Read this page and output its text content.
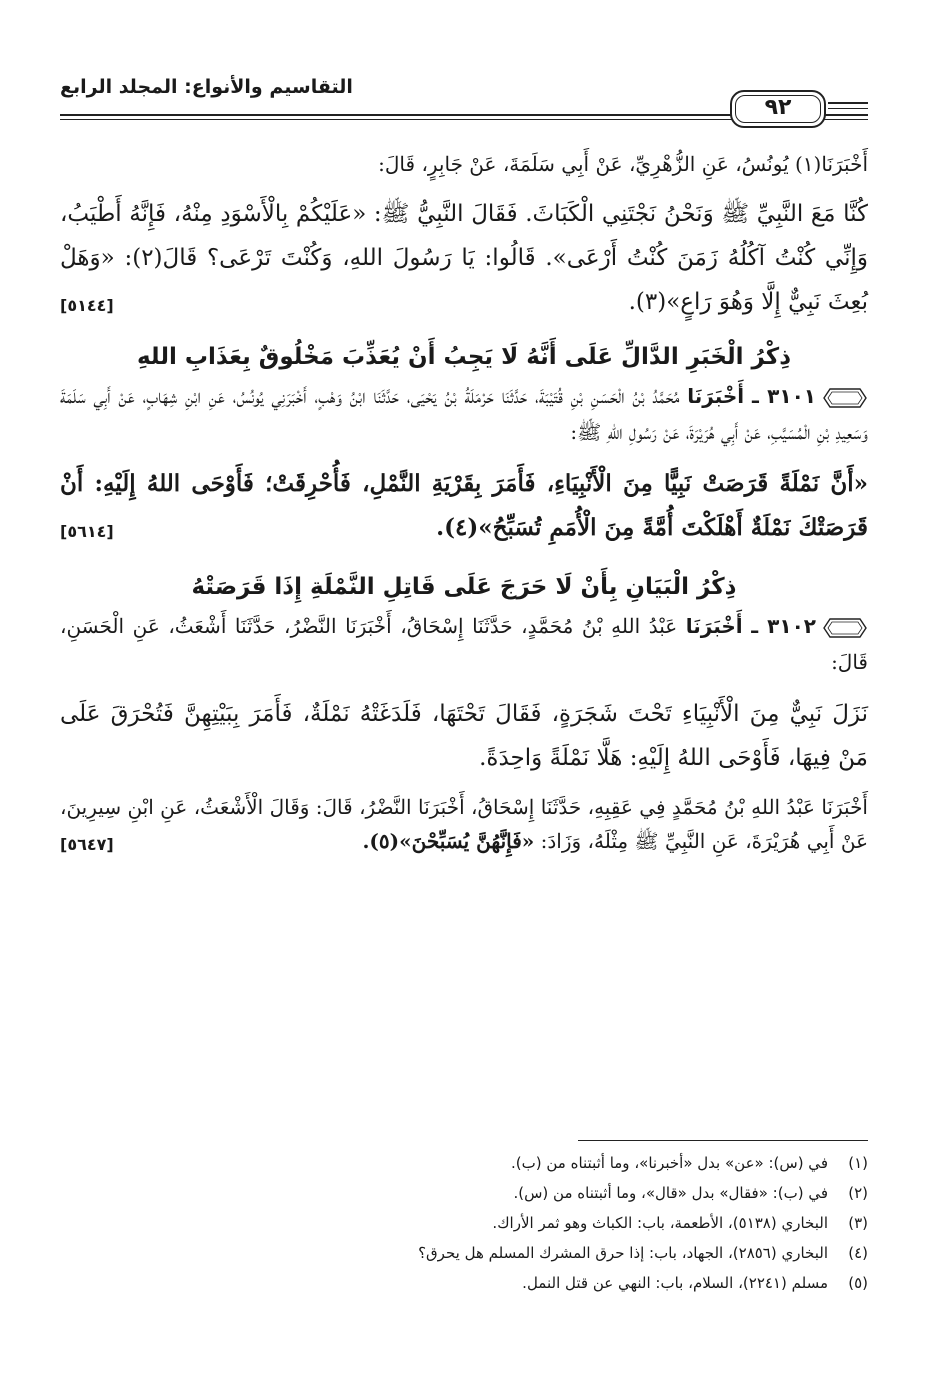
التقاسيم والأنواع: المجلد الرابع
٩٢

أَخْبَرَنَا(١) يُونُسُ، عَنِ الزُّهْرِيِّ، عَنْ أَبِي سَلَمَةَ، عَنْ جَابِرٍ، قَالَ:

كُنَّا مَعَ النَّبِيِّ ﷺ وَنَحْنُ نَجْتَنِي الْكَبَاثَ. فَقَالَ النَّبِيُّ ﷺ: «عَلَيْكُمْ بِالْأَسْوَدِ مِنْهُ، فَإِنَّهُ أَطْيَبُ، وَإِنِّي كُنْتُ آكُلُهُ زَمَنَ كُنْتُ أَرْعَى». قَالُوا: يَا رَسُولَ اللهِ، وَكُنْتَ تَرْعَى؟ قَالَ(٢): «وَهَلْ بُعِثَ نَبِيٌّ إِلَّا وَهُوَ رَاعٍ»(٣).
[٥١٤٤]

ذِكْرُ الْخَبَرِ الدَّالِّ عَلَى أَنَّهُ لَا يَجِبُ أَنْ يُعَذِّبَ مَخْلُوقٌ بِعَذَابِ اللهِ

٣١٠١ ـ أَخْبَرَنَا مُحَمَّدُ بْنُ الْحَسَنِ بْنِ قُتَيْبَةَ، حَدَّثَنَا حَرْمَلَةُ بْنُ يَحْيَى، حَدَّثَنَا ابْنُ وَهْبٍ، أَخْبَرَنِي يُونُسُ، عَنِ ابْنِ شِهَابٍ، عَنْ أَبِي سَلَمَةَ وَسَعِيدِ بْنِ الْمُسَيَّبِ، عَنْ أَبِي هُرَيْرَةَ، عَنْ رَسُولِ اللهِ ﷺ:

«أَنَّ نَمْلَةً قَرَصَتْ نَبِيًّا مِنَ الْأَنْبِيَاءِ، فَأَمَرَ بِقَرْيَةِ النَّمْلِ، فَأُحْرِقَتْ؛ فَأَوْحَى اللهُ إِلَيْهِ: أَنْ قَرَصَتْكَ نَمْلَةٌ أَهْلَكْتَ أُمَّةً مِنَ الْأُمَمِ تُسَبِّحُ»(٤).
[٥٦١٤]

ذِكْرُ الْبَيَانِ بِأَنْ لَا حَرَجَ عَلَى قَاتِلِ النَّمْلَةِ إِذَا قَرَصَتْهُ

٣١٠٢ ـ أَخْبَرَنَا عَبْدُ اللهِ بْنُ مُحَمَّدٍ، حَدَّثَنَا إِسْحَاقُ، أَخْبَرَنَا النَّضْرُ، حَدَّثَنَا أَشْعَثُ، عَنِ الْحَسَنِ، قَالَ:

نَزَلَ نَبِيٌّ مِنَ الْأَنْبِيَاءِ تَحْتَ شَجَرَةٍ، فَقَالَ تَحْتَهَا، فَلَدَغَتْهُ نَمْلَةٌ، فَأَمَرَ بِبَيْتِهِنَّ فَتُحْرَقَ عَلَى مَنْ فِيهَا، فَأَوْحَى اللهُ إِلَيْهِ: هَلَّا نَمْلَةً وَاحِدَةً.

أَخْبَرَنَا عَبْدُ اللهِ بْنُ مُحَمَّدٍ فِي عَقِبِهِ، حَدَّثَنَا إِسْحَاقُ، أَخْبَرَنَا النَّضْرُ، قَالَ: وَقَالَ الْأَشْعَثُ، عَنِ ابْنِ سِيرِينَ، عَنْ أَبِي هُرَيْرَةَ، عَنِ النَّبِيِّ ﷺ مِثْلَهُ، وَزَادَ: «فَإِنَّهُنَّ يُسَبِّحْنَ»(٥).
[٥٦٤٧]

(١)في (س): «عن» بدل «أخبرنا»، وما أثبتناه من (ب).
(٢)في (ب): «فقال» بدل «قال»، وما أثبتناه من (س).
(٣)البخاري (٥١٣٨)، الأطعمة، باب: الكباث وهو ثمر الأراك.
(٤)البخاري (٢٨٥٦)، الجهاد، باب: إذا حرق المشرك المسلم هل يحرق؟
(٥)مسلم (٢٢٤١)، السلام، باب: النهي عن قتل النمل.
